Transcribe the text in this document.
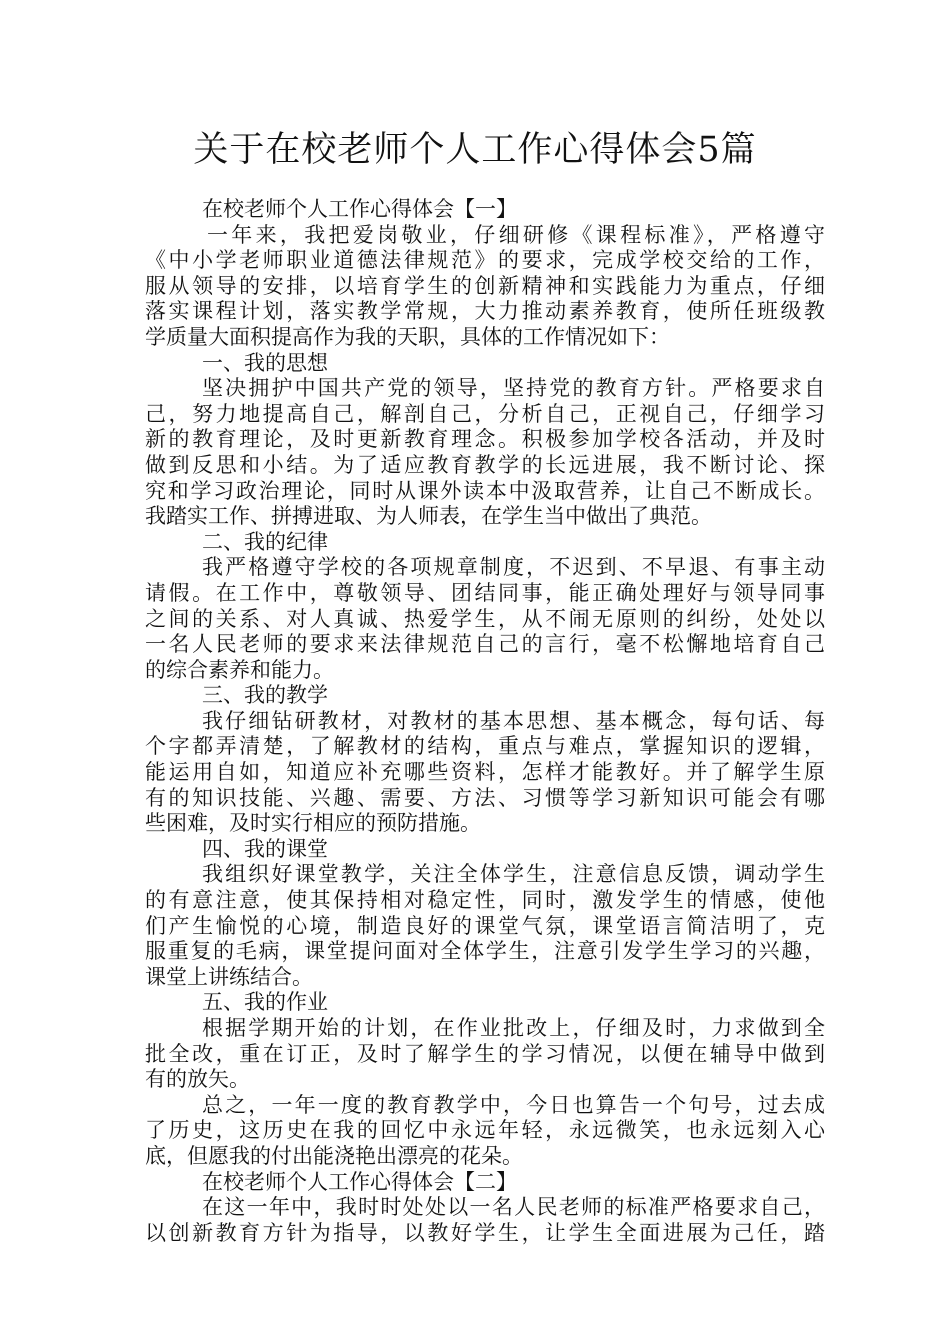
关于在校老师个人工作心得体会5篇
在校老师个人工作心得体会【一】
一年来，我把爱岗敬业，仔细研修《课程标准》，严格遵守
《中小学老师职业道德法律规范》的要求，完成学校交给的工作，
服从领导的安排，以培育学生的创新精神和实践能力为重点，仔细
落实课程计划，落实教学常规，大力推动素养教育，使所任班级教
学质量大面积提高作为我的天职，具体的工作情况如下：
一、我的思想
坚决拥护中国共产党的领导，坚持党的教育方针。严格要求自
己，努力地提高自己，解剖自己，分析自己，正视自己，仔细学习
新的教育理论，及时更新教育理念。积极参加学校各活动，并及时
做到反思和小结。为了适应教育教学的长远进展，我不断讨论、探
究和学习政治理论，同时从课外读本中汲取营养，让自己不断成长。
我踏实工作、拼搏进取、为人师表，在学生当中做出了典范。
二、我的纪律
我严格遵守学校的各项规章制度，不迟到、不早退、有事主动
请假。在工作中，尊敬领导、团结同事，能正确处理好与领导同事
之间的关系、对人真诚、热爱学生，从不闹无原则的纠纷，处处以
一名人民老师的要求来法律规范自己的言行，毫不松懈地培育自己
的综合素养和能力。
三、我的教学
我仔细钻研教材，对教材的基本思想、基本概念，每句话、每
个字都弄清楚，了解教材的结构，重点与难点，掌握知识的逻辑，
能运用自如，知道应补充哪些资料，怎样才能教好。并了解学生原
有的知识技能、兴趣、需要、方法、习惯等学习新知识可能会有哪
些困难，及时实行相应的预防措施。
四、我的课堂
我组织好课堂教学，关注全体学生，注意信息反馈，调动学生
的有意注意，使其保持相对稳定性，同时，激发学生的情感，使他
们产生愉悦的心境，制造良好的课堂气氛，课堂语言简洁明了，克
服重复的毛病，课堂提问面对全体学生，注意引发学生学习的兴趣，
课堂上讲练结合。
五、我的作业
根据学期开始的计划，在作业批改上，仔细及时，力求做到全
批全改，重在订正，及时了解学生的学习情况，以便在辅导中做到
有的放矢。
总之，一年一度的教育教学中，今日也算告一个句号，过去成
了历史，这历史在我的回忆中永远年轻，永远微笑，也永远刻入心
底，但愿我的付出能浇艳出漂亮的花朵。
在校老师个人工作心得体会【二】
在这一年中，我时时处处以一名人民老师的标准严格要求自己，
以创新教育方针为指导，以教好学生，让学生全面进展为己任，踏
